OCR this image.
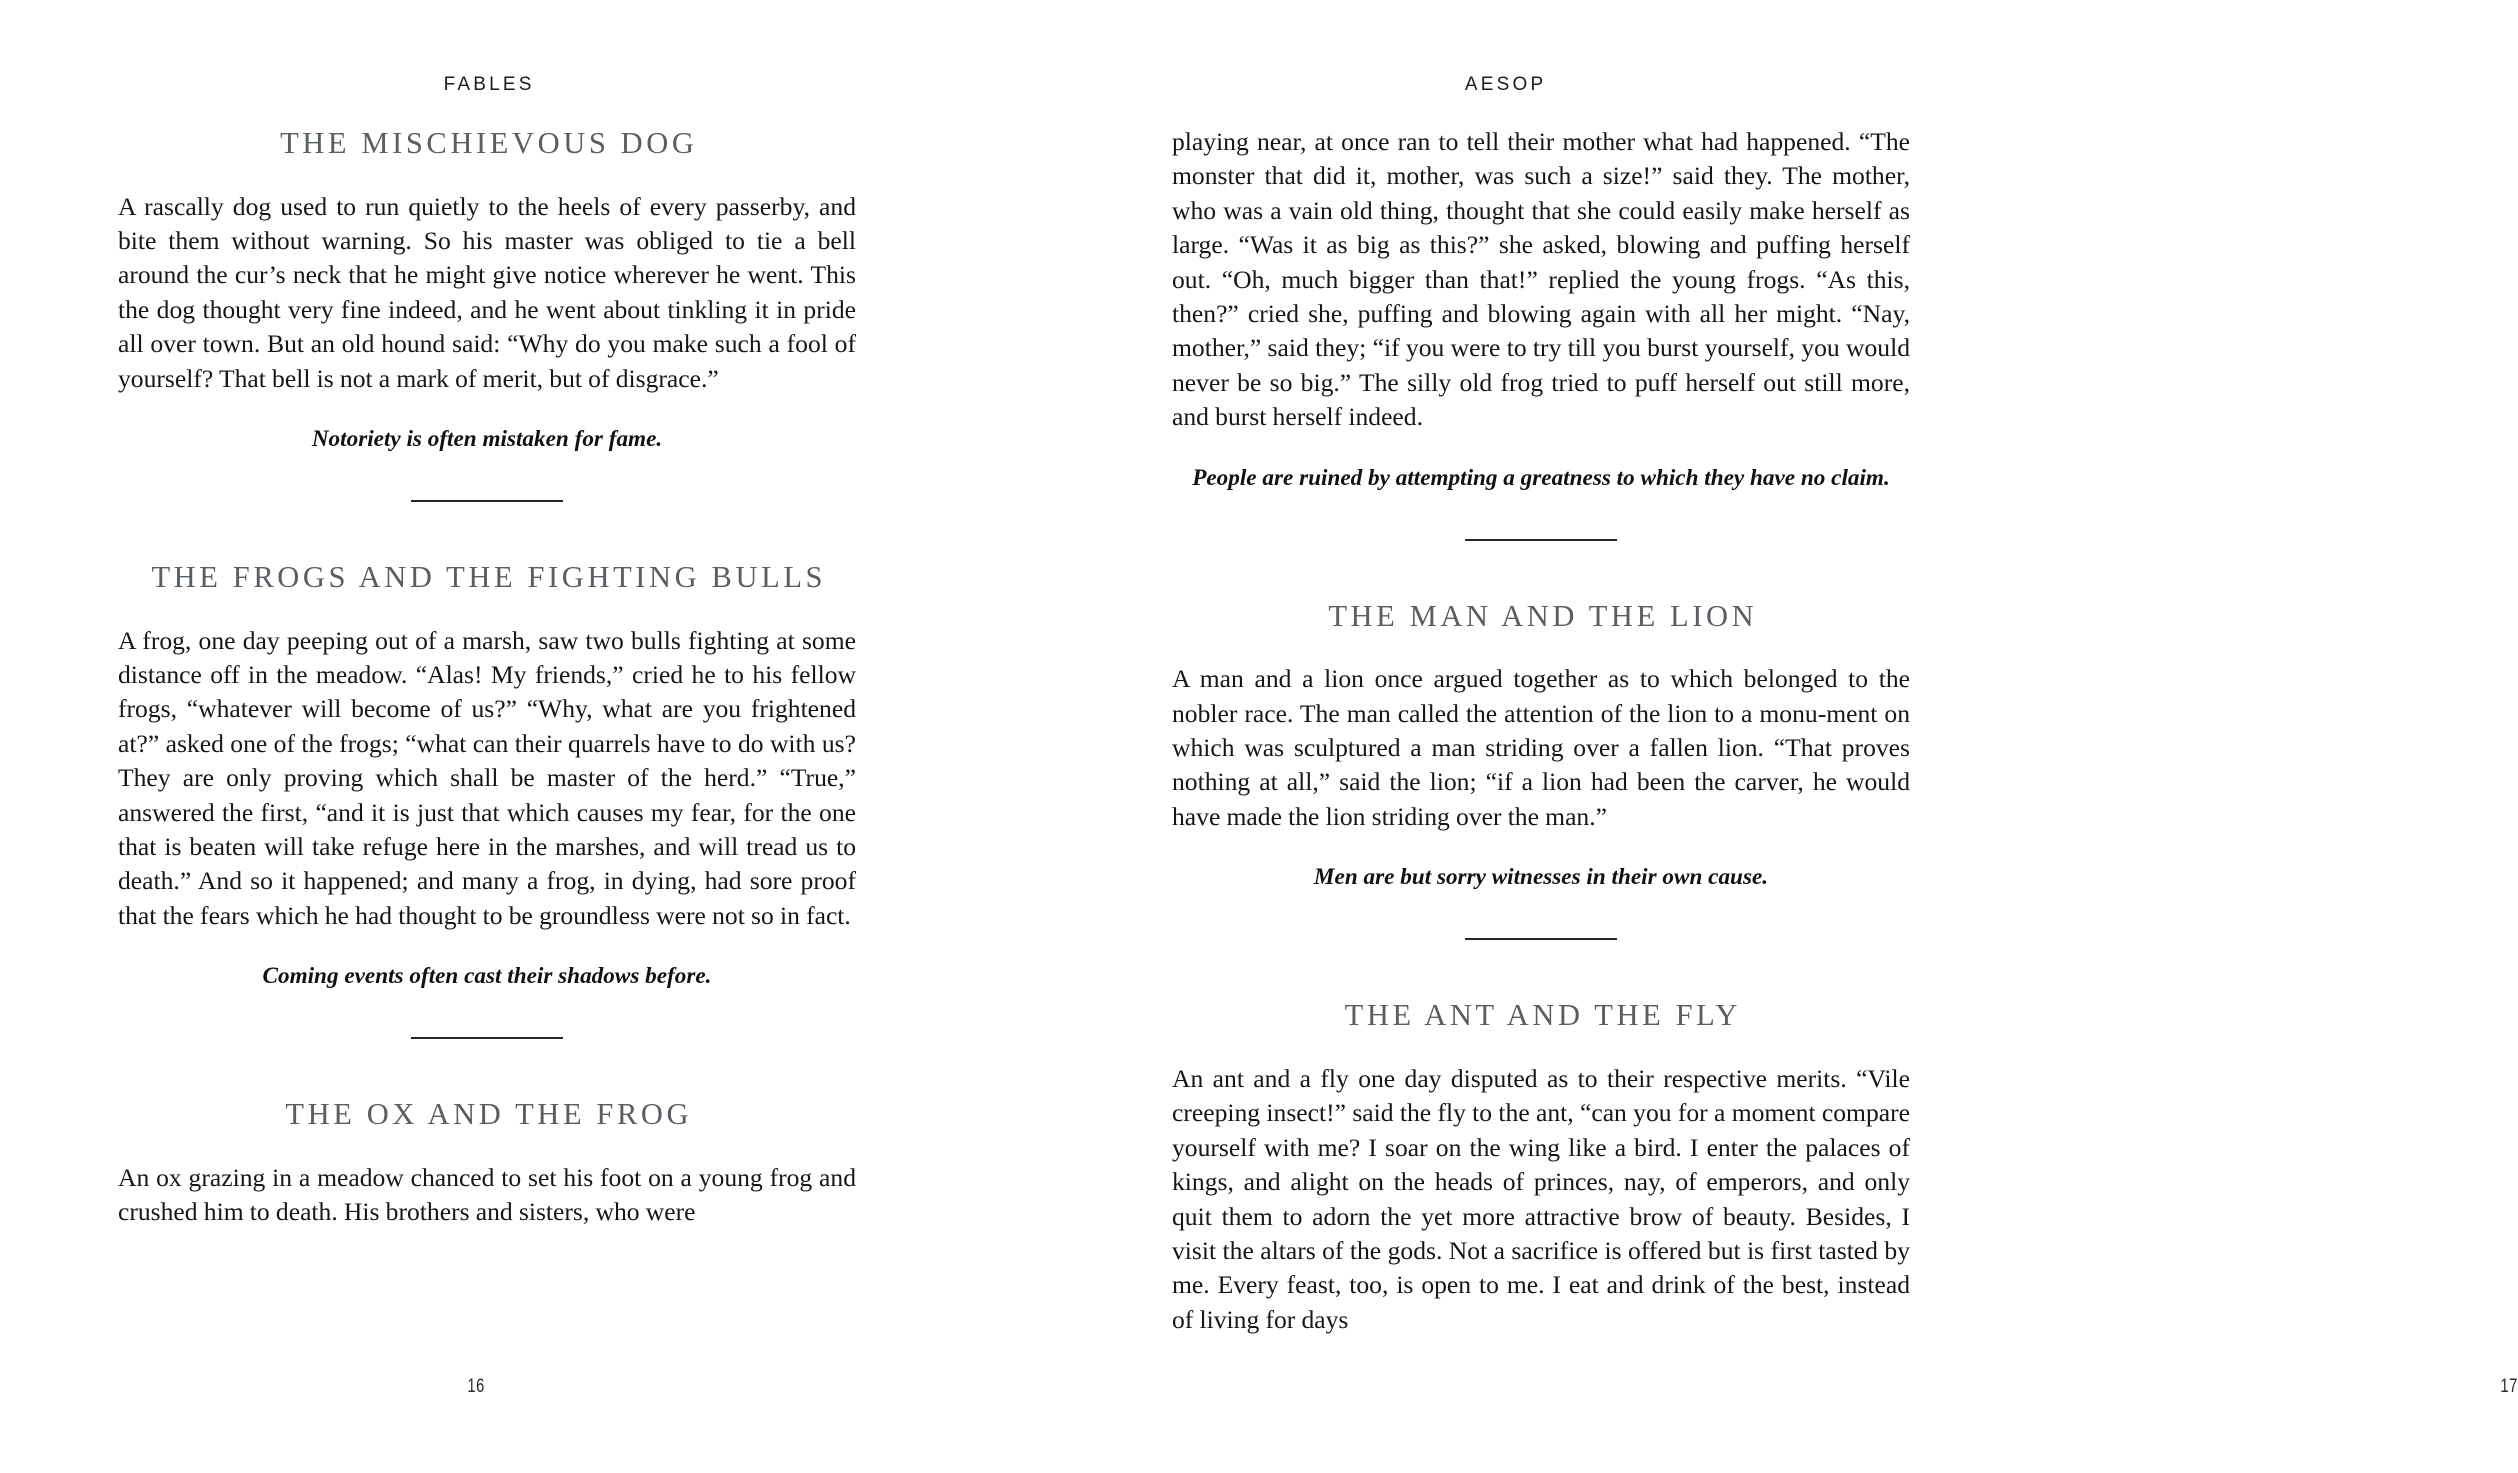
FABLES
THE MISCHIEVOUS DOG

A rascally dog used to run quietly to the heels of every passerby, and bite them without warning. So his master was obliged to tie a bell around the cur’s neck that he might give notice wherever he went. This the dog thought very fine indeed, and he went about tinkling it in pride all over town. But an old hound said: “Why do you make such a fool of yourself? That bell is not a mark of merit, but of disgrace.”

Notoriety is often mistaken for fame.

THE FROGS AND THE FIGHTING BULLS

A frog, one day peeping out of a marsh, saw two bulls fighting at some distance off in the meadow. “Alas! My friends,” cried he to his fellow frogs, “whatever will become of us?” “Why, what are you frightened at?” asked one of the frogs; “what can their quarrels have to do with us? They are only proving which shall be master of the herd.” “True,” answered the first, “and it is just that which causes my fear, for the one that is beaten will take refuge here in the marshes, and will tread us to death.” And so it happened; and many a frog, in dying, had sore proof that the fears which he had thought to be groundless were not so in fact.

Coming events often cast their shadows before.

THE OX AND THE FROG

An ox grazing in a meadow chanced to set his foot on a young frog and crushed him to death. His brothers and sisters, who were

16
AESOP

playing near, at once ran to tell their mother what had happened. “The monster that did it, mother, was such a size!” said they. The mother, who was a vain old thing, thought that she could easily make herself as large. “Was it as big as this?” she asked, blowing and puffing herself out. “Oh, much bigger than that!” replied the young frogs. “As this, then?” cried she, puffing and blowing again with all her might. “Nay, mother,” said they; “if you were to try till you burst yourself, you would never be so big.” The silly old frog tried to puff herself out still more, and burst herself indeed.

People are ruined by attempting a greatness to which they have no claim.

THE MAN AND THE LION

A man and a lion once argued together as to which belonged to the nobler race. The man called the attention of the lion to a monu-​ment on which was sculptured a man striding over a fallen lion. “That proves nothing at all,” said the lion; “if a lion had been the carver, he would have made the lion striding over the man.”

Men are but sorry witnesses in their own cause.

THE ANT AND THE FLY

An ant and a fly one day disputed as to their respective merits. “Vile creeping insect!” said the fly to the ant, “can you for a moment compare yourself with me? I soar on the wing like a bird. I enter the palaces of kings, and alight on the heads of princes, nay, of emperors, and only quit them to adorn the yet more attractive brow of beauty. Besides, I visit the altars of the gods. Not a sacrifice is offered but is first tasted by me. Every feast, too, is open to me. I eat and drink of the best, instead of living for days

17
